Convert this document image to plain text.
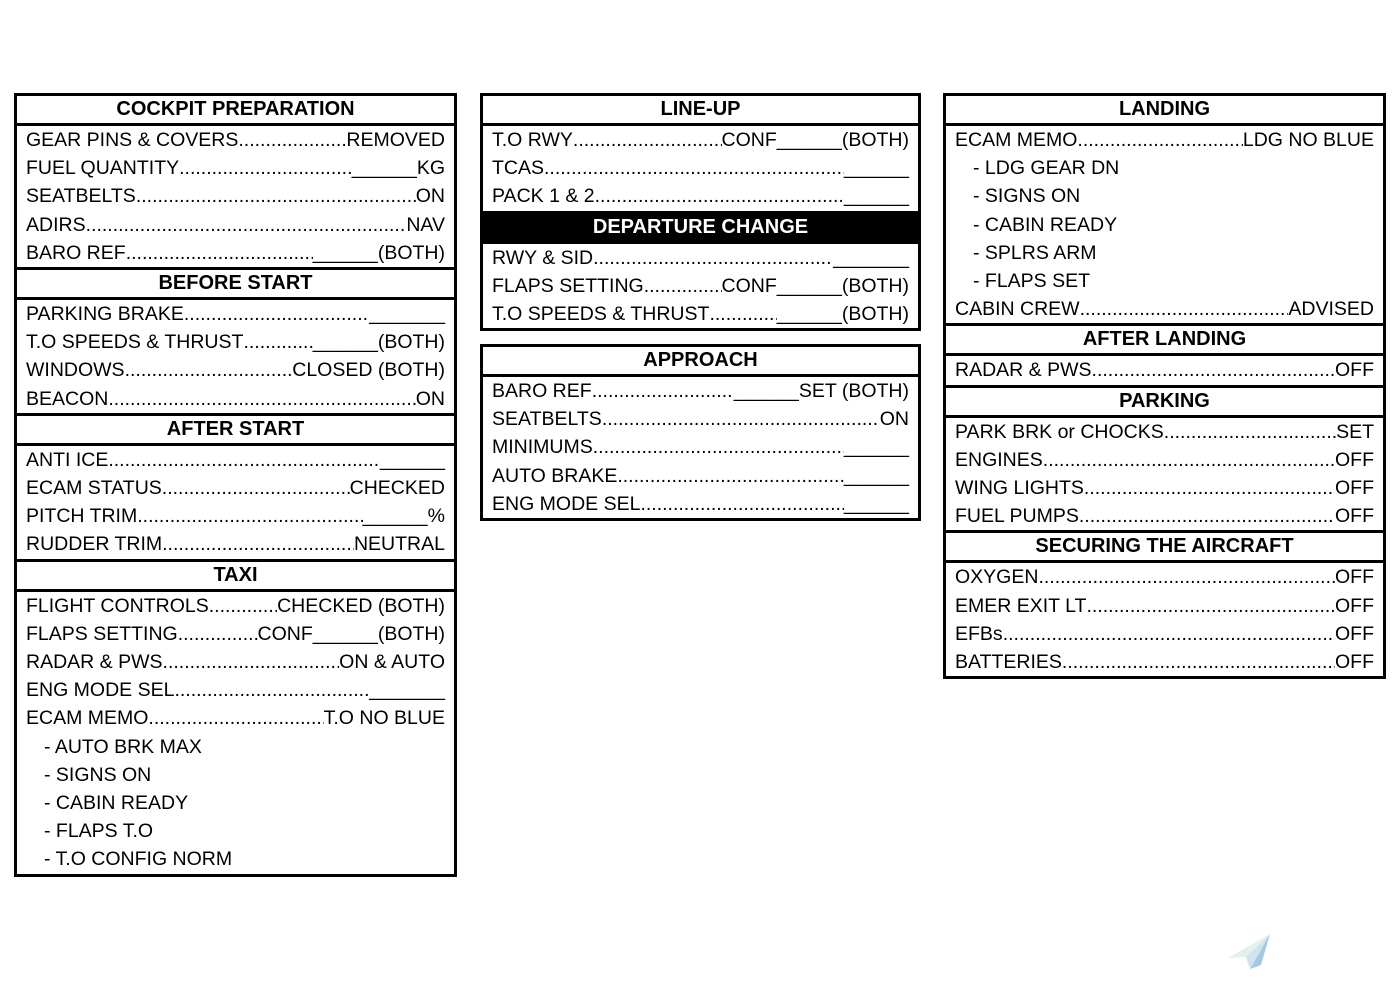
COCKPIT PREPARATION
GEAR PINS & COVERS .....	REMOVED
FUEL QUANTITY .....	______ KG
SEATBELTS .....	ON
ADIRS .....	NAV
BARO REF .....	______ (BOTH)
BEFORE START
PARKING BRAKE .....	_______
T.O SPEEDS & THRUST .....	______ (BOTH)
WINDOWS .....	CLOSED (BOTH)
BEACON .....	ON
AFTER START
ANTI ICE .....	______
ECAM STATUS .....	CHECKED
PITCH TRIM .....	______ %
RUDDER TRIM .....	NEUTRAL
TAXI
FLIGHT CONTROLS .....	CHECKED (BOTH)
FLAPS SETTING .....	CONF ______ (BOTH)
RADAR & PWS .....	ON & AUTO
ENG MODE SEL .....	_______
ECAM MEMO .....	T.O NO BLUE
- AUTO BRK MAX
- SIGNS ON
- CABIN READY
- FLAPS T.O
- T.O CONFIG NORM
LINE-UP
T.O RWY .....	CONF ______ (BOTH)
TCAS .....	______
PACK 1 & 2 .....	______
DEPARTURE CHANGE
RWY & SID .....	_______
FLAPS SETTING .....	CONF ______ (BOTH)
T.O SPEEDS & THRUST .....	______ (BOTH)
APPROACH
BARO REF .....	______ SET (BOTH)
SEATBELTS .....	ON
MINIMUMS .....	______
AUTO BRAKE .....	______
ENG MODE SEL .....	______
LANDING
ECAM MEMO .....	LDG NO BLUE
- LDG GEAR DN
- SIGNS ON
- CABIN READY
- SPLRS ARM
- FLAPS SET
CABIN CREW .....	ADVISED
AFTER LANDING
RADAR & PWS .....	OFF
PARKING
PARK BRK or CHOCKS .....	SET
ENGINES .....	OFF
WING LIGHTS .....	OFF
FUEL PUMPS .....	OFF
SECURING THE AIRCRAFT
OXYGEN .....	OFF
EMER EXIT LT .....	OFF
EFBs .....	OFF
BATTERIES .....	OFF
